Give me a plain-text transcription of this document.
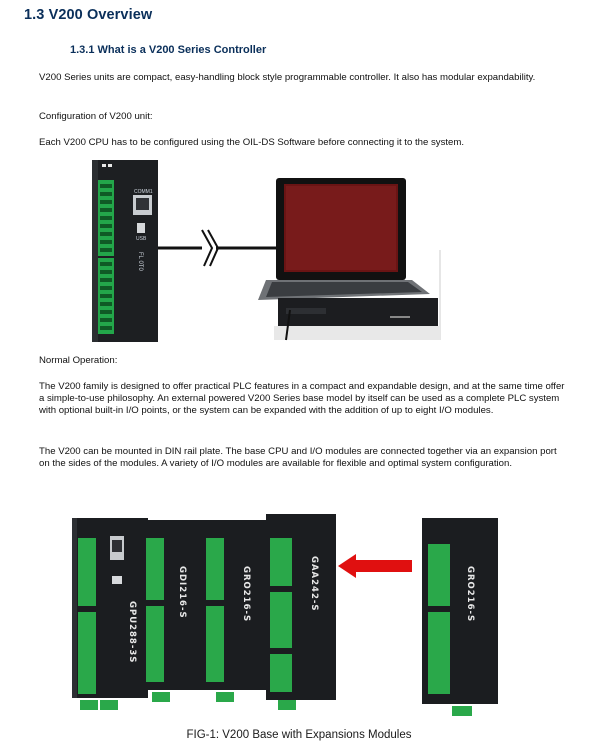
1.3 V200 Overview
1.3.1 What is a V200 Series Controller
V200 Series units are compact, easy-handling block style programmable controller. It also has modular expandability.
Configuration of V200 unit:
Each V200 CPU has to be configured using the OIL-DS Software before connecting it to the system.
COMM1
USB
FL 0T0
Normal Operation:
The V200 family is designed to offer practical PLC features in a compact and expandable design, and at the same time offer a simple-to-use philosophy. An external powered V200 Series base model by itself can be used as a complete PLC system with optional built-in I/O points, or the system can be expanded with the addition of up to eight I/O modules.
The V200 can be mounted in DIN rail plate. The base CPU and I/O modules are connected together via an expansion port on the sides of the modules. A variety of I/O modules are available for flexible and optimal system configuration.
GPU288-3S
GDI216-S	GRO216-S	GAA242-S	GRO216-S
FIG-1: V200 Base with Expansions Modules
